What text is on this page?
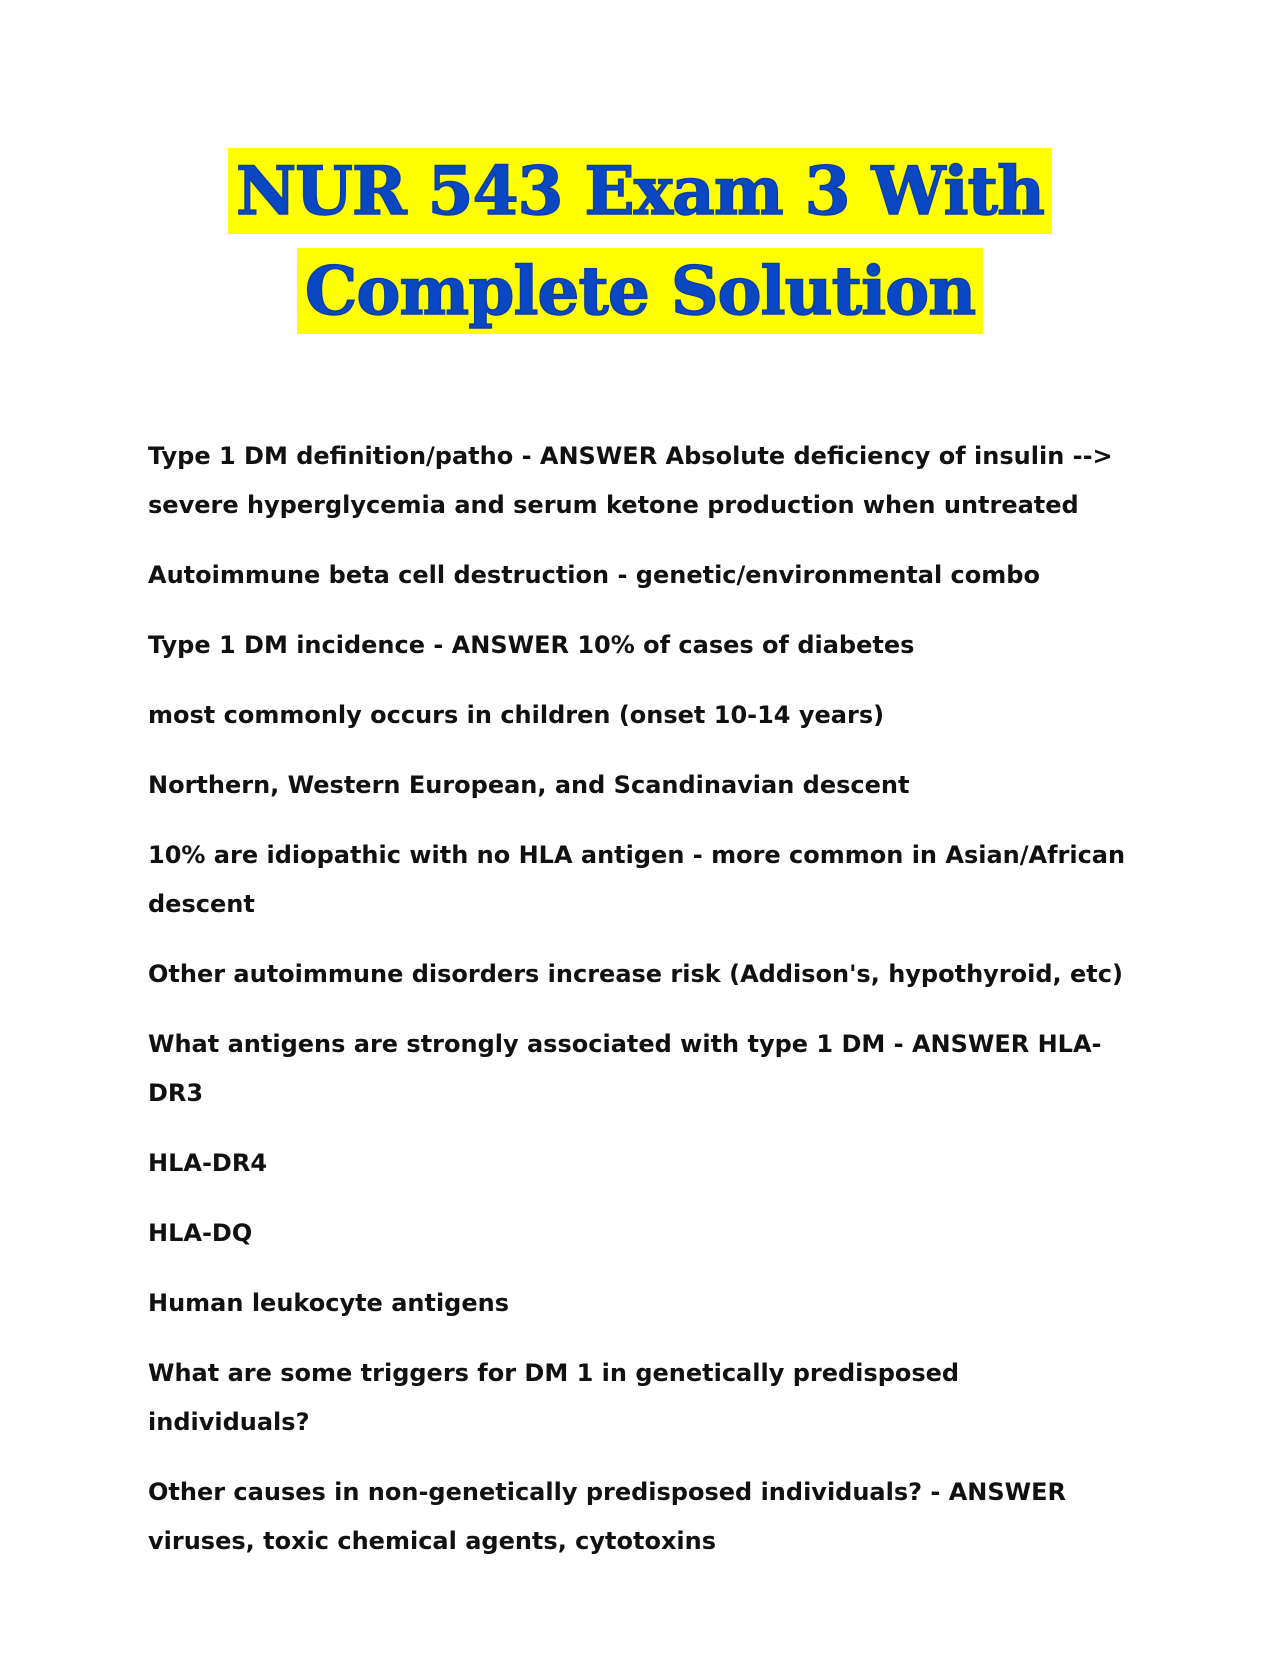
NUR 543 Exam 3 With
Complete Solution

Type 1 DM definition/patho - ANSWER Absolute deficiency of insulin --> severe hyperglycemia and serum ketone production when untreated

Autoimmune beta cell destruction - genetic/environmental combo

Type 1 DM incidence - ANSWER 10% of cases of diabetes

most commonly occurs in children (onset 10-14 years)

Northern, Western European, and Scandinavian descent

10% are idiopathic with no HLA antigen - more common in Asian/African descent

Other autoimmune disorders increase risk (Addison's, hypothyroid, etc)

What antigens are strongly associated with type 1 DM - ANSWER HLA-DR3

HLA-DR4

HLA-DQ

Human leukocyte antigens

What are some triggers for DM 1 in genetically predisposed individuals?

Other causes in non-genetically predisposed individuals? - ANSWER viruses, toxic chemical agents, cytotoxins
